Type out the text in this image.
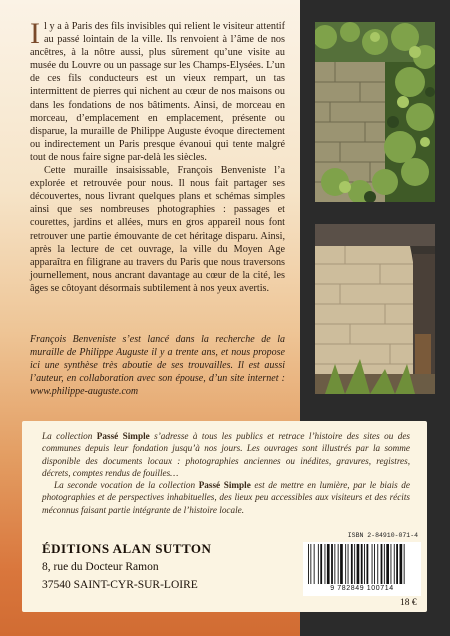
Il y a à Paris des fils invisibles qui relient le visiteur attentif au passé lointain de la ville. Ils renvoient à l’âme de nos ancêtres, à la nôtre aussi, plus sûrement qu’une visite au musée du Louvre ou un passage sur les Champs-Elysées. L’un de ces fils conducteurs est un vieux rempart, un tas intermittent de pierres qui nichent au cœur de nos maisons ou dans les fondations de nos bâtiments. Ainsi, de morceau en morceau, d’emplacement en emplacement, présente ou disparue, la muraille de Philippe Auguste évoque directement ou indirectement un Paris presque évanoui qui tente malgré tout de nous faire signe par-delà les siècles.

Cette muraille insaisissable, François Benveniste l’a explorée et retrouvée pour nous. Il nous fait partager ses découvertes, nous livrant quelques plans et schémas simples ainsi que ses nombreuses photographies : passages et courettes, jardins et allées, murs en gros appareil nous font retrouver une partie émouvante de cet héritage disparu. Ainsi, après la lecture de cet ouvrage, la ville du Moyen Age apparaîtra en filigrane au travers du Paris que nous traversons journellement, nous ancrant davantage au cœur de la cité, les âges se côtoyant désormais subtilement à nos yeux avertis.

François Benveniste s’est lancé dans la recherche de la muraille de Philippe Auguste il y a trente ans, et nous propose ici une synthèse très aboutie de ses trouvailles. Il est aussi l’auteur, en collaboration avec son épouse, d’un site internet : www.philippe-auguste.com

La collection Passé Simple s’adresse à tous les publics et retrace l’histoire des sites ou des communes depuis leur fondation jusqu’à nos jours. Les ouvrages sont illustrés par la somme disponible des documents locaux : photographies anciennes ou inédites, gravures, registres, décrets, comptes rendus de fouilles…

La seconde vocation de la collection Passé Simple est de mettre en lumière, par le biais de photographies et de perspectives inhabituelles, des lieux peu accessibles aux visiteurs et des récits méconnus faisant partie intégrante de l’histoire locale.

ÉDITIONS ALAN SUTTON
8, rue du Docteur Ramon
37540 SAINT-CYR-SUR-LOIRE
ISBN 2-84910-071-4
9 782849 100714
18 €
